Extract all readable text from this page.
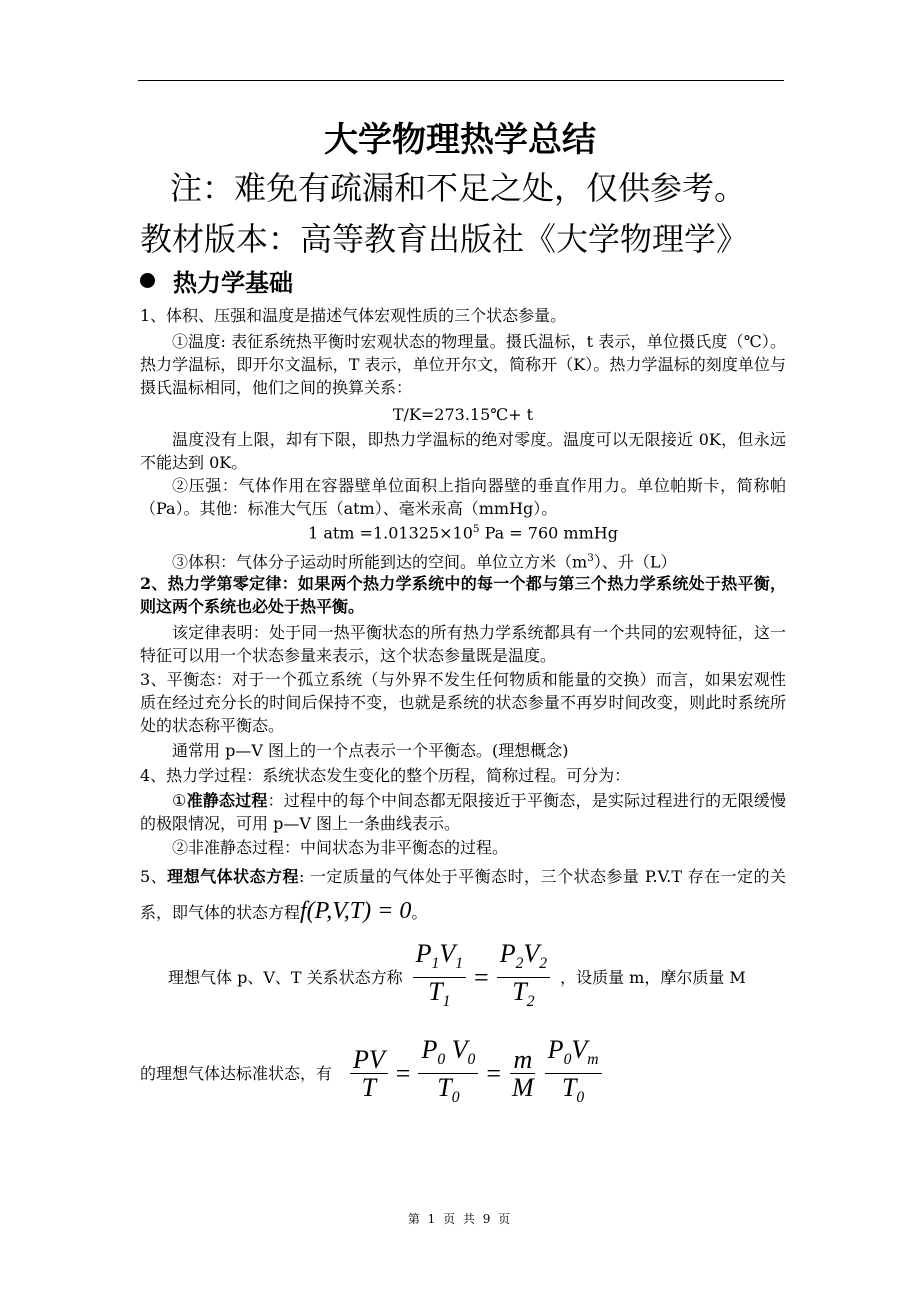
大学物理热学总结
注：难免有疏漏和不足之处，仅供参考。
教材版本：高等教育出版社《大学物理学》
热力学基础
1、体积、压强和温度是描述气体宏观性质的三个状态参量。
①温度: 表征系统热平衡时宏观状态的物理量。摄氏温标，t 表示，单位摄氏度（℃）。热力学温标，即开尔文温标，T 表示，单位开尔文，简称开（K）。热力学温标的刻度单位与摄氏温标相同，他们之间的换算关系：
T/K=273.15℃+ t
温度没有上限，却有下限，即热力学温标的绝对零度。温度可以无限接近 0K，但永远不能达到 0K。
②压强：气体作用在容器壁单位面积上指向器壁的垂直作用力。单位帕斯卡，简称帕（Pa）。其他：标准大气压（atm）、毫米汞高（mmHg）。
1 atm $=1.01325\times 10^5$ Pa = 760 mmHg
③体积：气体分子运动时所能到达的空间。单位立方米$(m^3)$、升（L）
2、热力学第零定律：如果两个热力学系统中的每一个都与第三个热力学系统处于热平衡，则这两个系统也必处于热平衡。
该定律表明：处于同一热平衡状态的所有热力学系统都具有一个共同的宏观特征，这一特征可以用一个状态参量来表示，这个状态参量既是温度。
3、平衡态：对于一个孤立系统（与外界不发生任何物质和能量的交换）而言，如果宏观性质在经过充分长的时间后保持不变，也就是系统的状态参量不再岁时间改变，则此时系统所处的状态称平衡态。
通常用 p—V 图上的一个点表示一个平衡态。(理想概念)
4、热力学过程：系统状态发生变化的整个历程，简称过程。可分为：
①准静态过程：过程中的每个中间态都无限接近于平衡态，是实际过程进行的无限缓慢的极限情况，可用 p—V 图上一条曲线表示。
②非准静态过程：中间状态为非平衡态的过程。
5、理想气体状态方程: 一定质量的气体处于平衡态时，三个状态参量 P.V.T 存在一定的关系，即气体的状态方程f(P,V,T) = 0。
理想气体 p、V、T 关系状态方称 $\frac{P_1V_1}{T_1} = \frac{P_2V_2}{T_2}$ ，设质量 m，摩尔质量 M
的理想气体达标准状态，有 $\frac{PV}{T} = \frac{P_0 V_0}{T_0} = \frac{m}{M} \frac{P_0V_m}{T_0}$
第 1 页 共 9 页
